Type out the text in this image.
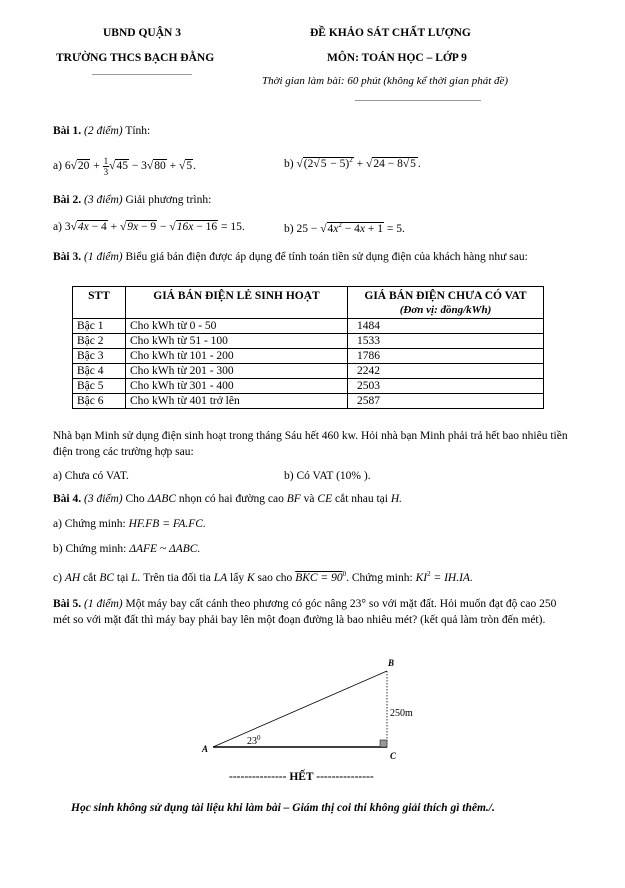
UBND QUẬN 3
TRƯỜNG THCS BẠCH ĐẰNG
ĐỀ KHẢO SÁT CHẤT LƯỢNG
MÔN: TOÁN HỌC – LỚP 9
Thời gian làm bài: 60 phút (không kể thời gian phát đề)
Bài 1. (2 điểm) Tính:
a) $6√20 + \frac{1}{3} √45 - 3√80 + √5$.	b) $√(2√5 - 5)^2 + √24 - 8√5$ .
Bài 2. (3 điểm) Giải phương trình:
a) 3√4x − 4 + √9x − 9 − √16x − 16 = 15.	b) $25 - √4x^2 - 4x + 1 = 5$.
Bài 3. (1 điểm) Biểu giá bán điện được áp dụng để tính toán tiền sử dụng điện của khách hàng như sau:
STT	GIÁ BÁN ĐIỆN LẺ SINH HOẠT	GIÁ BÁN ĐIỆN CHƯA CÓ VAT
(Đơn vị: đồng/kWh)

Bậc 1	Cho kWh từ 0 - 50	1484
Bậc 2	Cho kWh từ 51 - 100	1533
Bậc 3	Cho kWh từ 101 - 200	1786
Bậc 4	Cho kWh từ 201 - 300	2242
Bậc 5	Cho kWh từ 301 - 400	2503
Bậc 6	Cho kWh từ 401 trở lên	2587
Nhà bạn Minh sử dụng điện sinh hoạt trong tháng Sáu hết 460 kw. Hỏi nhà bạn Minh phải trả hết bao nhiêu tiền điện trong các trường hợp sau:
a) Chưa có VAT.	b) Có VAT (10% ).
Bài 4. (3 điểm) Cho ΔABC nhọn có hai đường cao BF và CE cắt nhau tại H.
a) Chứng minh: HF.FB = FA.FC.
b) Chứng minh: ΔAFE ~ ΔABC.
c) AH cắt BC tại L. Trên tia đối tia LA lấy K sao cho BKC = $90^0$. Chứng minh: $KI^2 = IH.IA$.
Bài 5. (1 điểm) Một máy bay cất cánh theo phương có góc nâng 23° so với mặt đất. Hỏi muốn đạt độ cao 250 mét so với mặt đất thì máy bay phải bay lên một đoạn đường là bao nhiêu mét? (kết quả làm tròn đến mét).
A
B
C
$23^0$
250m
--------------- HẾT ---------------
Học sinh không sử dụng tài liệu khi làm bài – Giám thị coi thi không giải thích gì thêm./.
